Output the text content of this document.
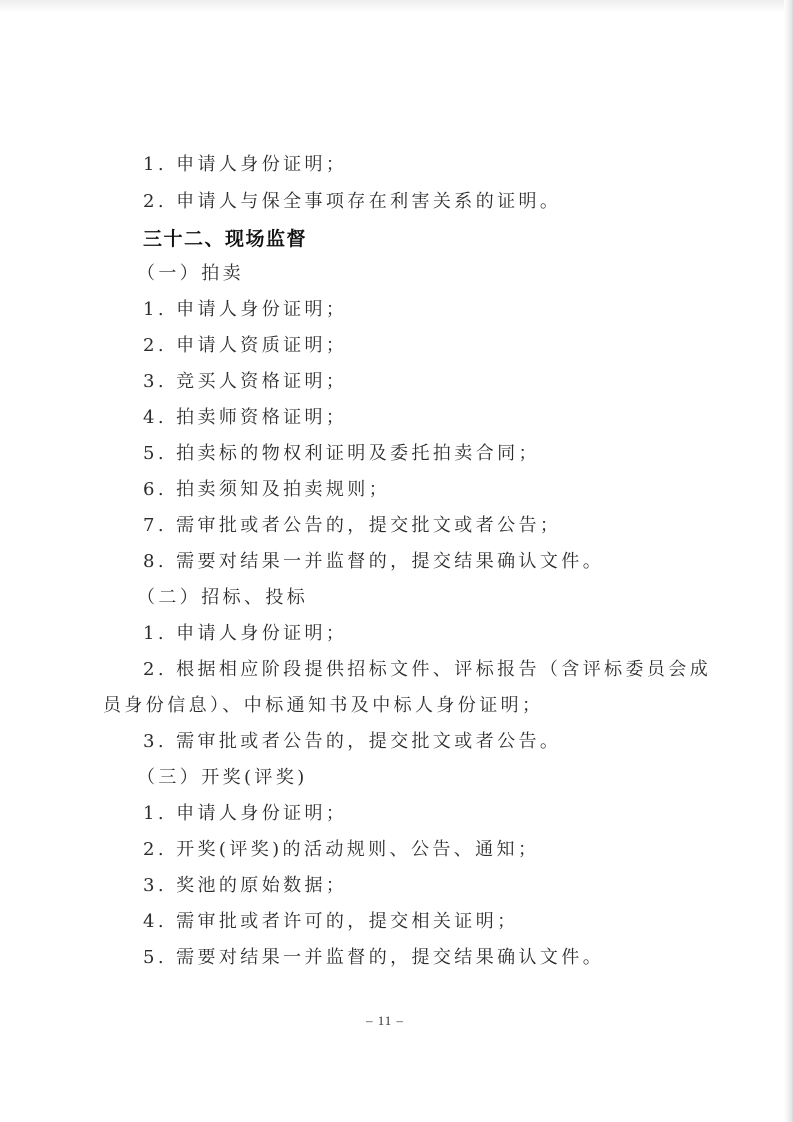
1. 申请人身份证明；
2. 申请人与保全事项存在利害关系的证明。
三十二、现场监督
（一）拍卖
1. 申请人身份证明；
2. 申请人资质证明；
3. 竞买人资格证明；
4. 拍卖师资格证明；
5. 拍卖标的物权利证明及委托拍卖合同；
6. 拍卖须知及拍卖规则；
7. 需审批或者公告的，提交批文或者公告；
8. 需要对结果一并监督的，提交结果确认文件。
（二）招标、投标
1. 申请人身份证明；
2. 根据相应阶段提供招标文件、评标报告（含评标委员会成
员身份信息）、中标通知书及中标人身份证明；
3. 需审批或者公告的，提交批文或者公告。
（三）开奖(评奖)
1. 申请人身份证明；
2. 开奖(评奖)的活动规则、公告、通知；
3. 奖池的原始数据；
4. 需审批或者许可的，提交相关证明；
5. 需要对结果一并监督的，提交结果确认文件。
– 11 –
